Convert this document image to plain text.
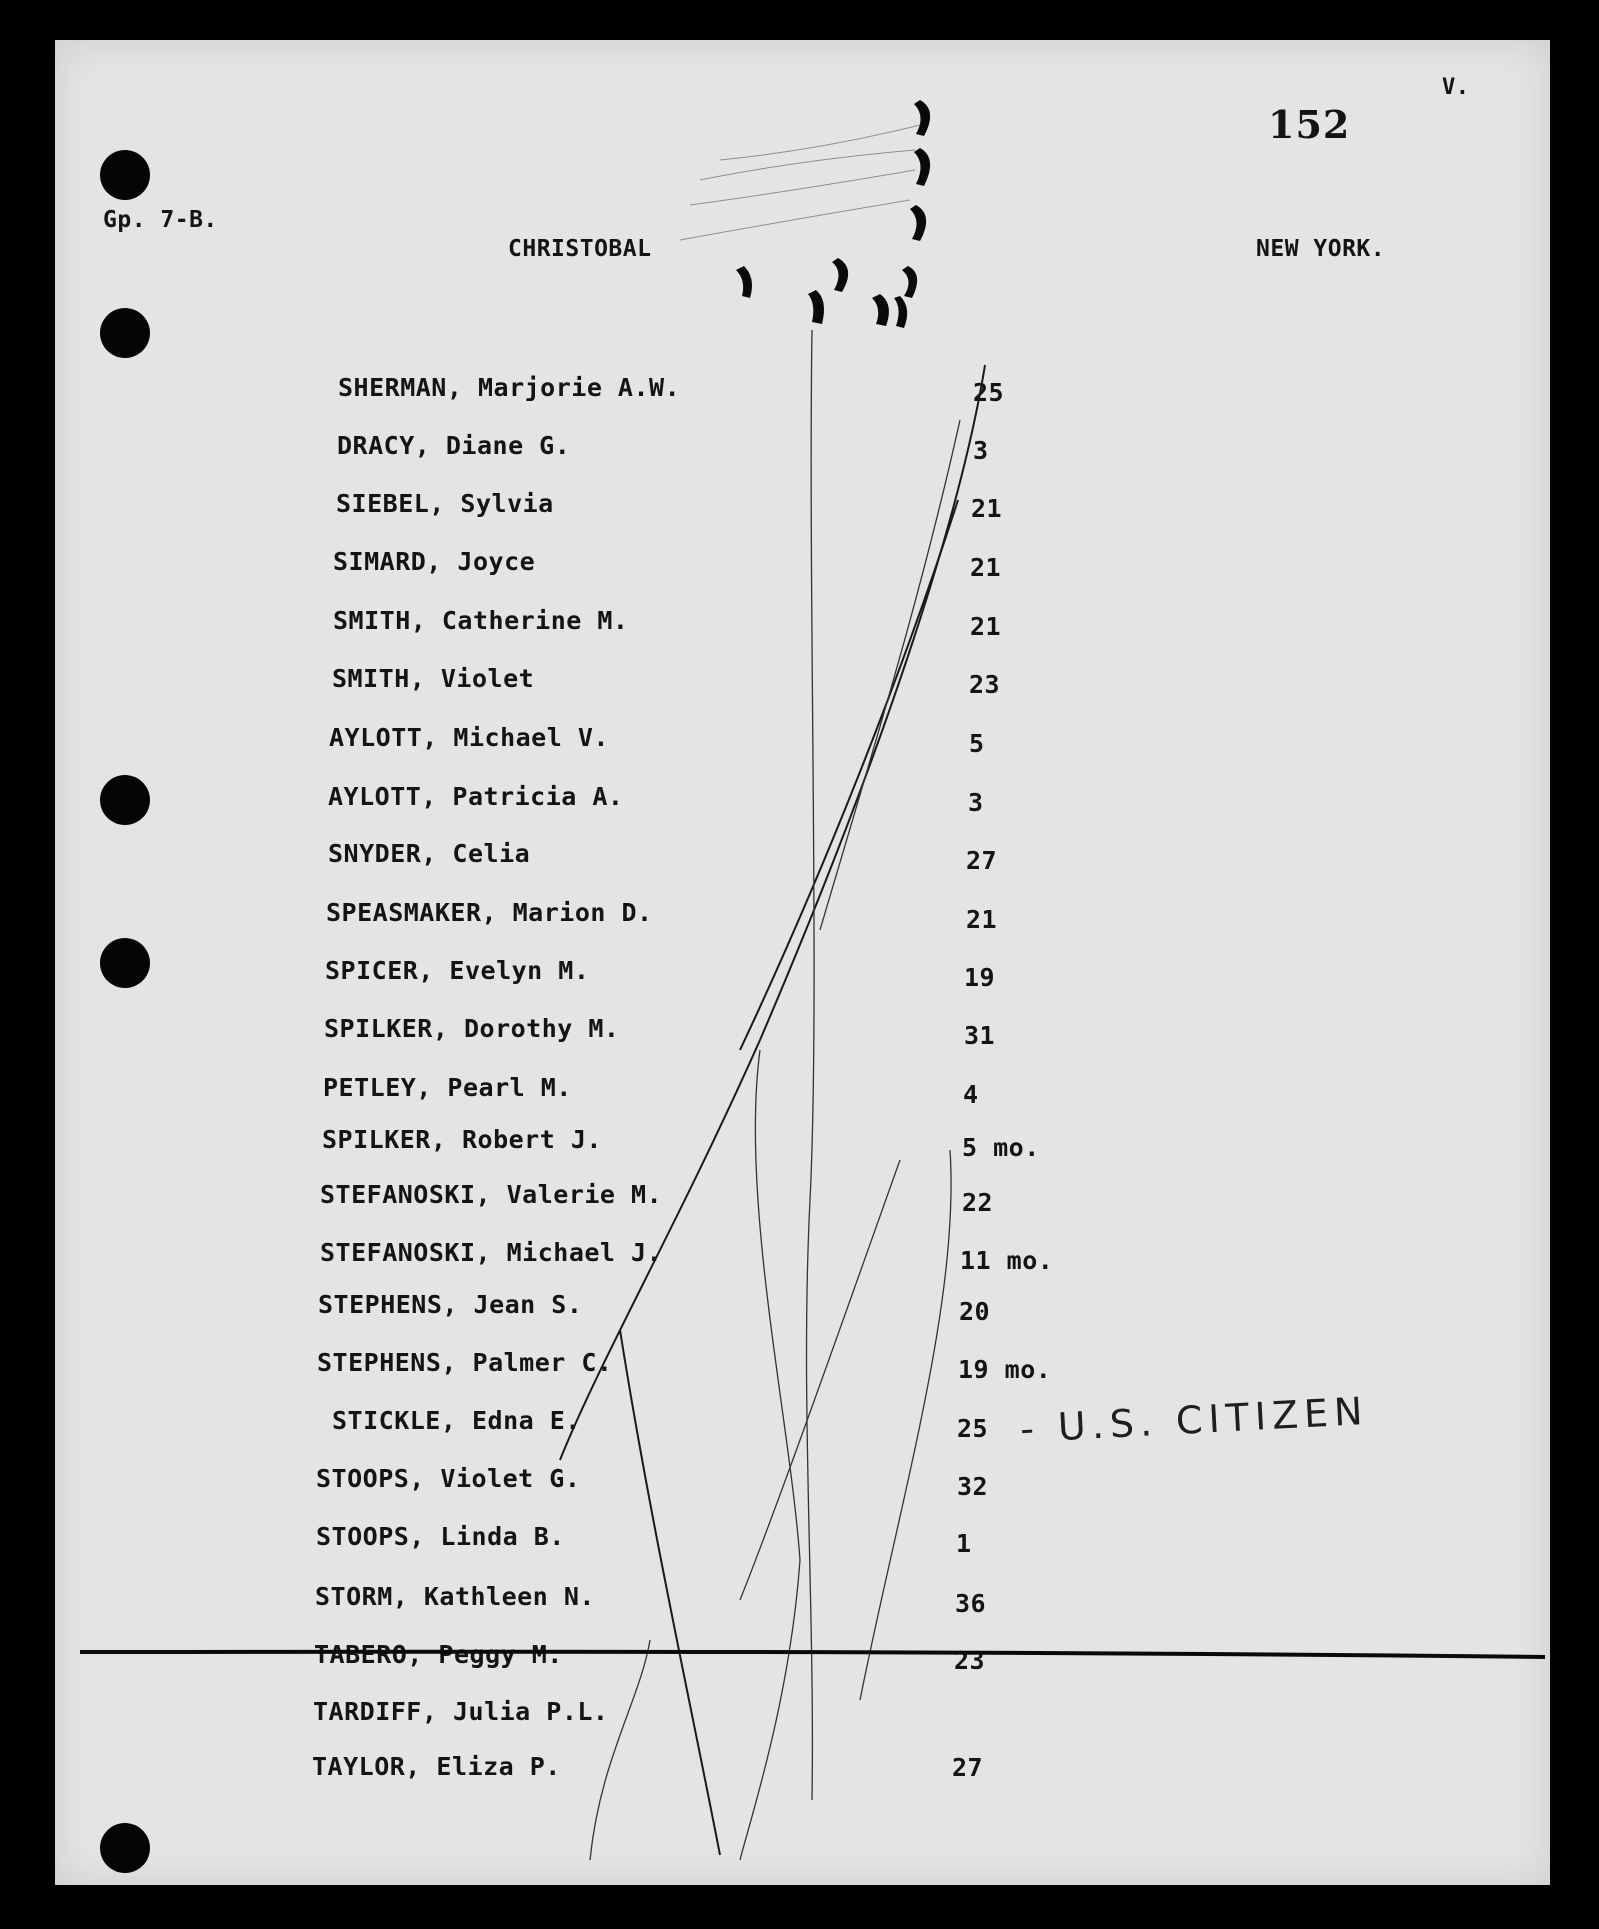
152
V.
Gp. 7-B.
CHRISTOBAL	NEW YORK.
SHERMAN, Marjorie A.W.	25
DRACY, Diane G.	3
SIEBEL, Sylvia	21
SIMARD, Joyce	21
SMITH, Catherine M.	21
SMITH, Violet	23
AYLOTT, Michael V.	5
AYLOTT, Patricia A.	3
SNYDER, Celia	27
SPEASMAKER, Marion D.	21
SPICER, Evelyn M.	19
SPILKER, Dorothy M.	31
PETLEY, Pearl M.	4
SPILKER, Robert J.	5 mo.
STEFANOSKI, Valerie M.	22
STEFANOSKI, Michael J.	11 mo.
STEPHENS, Jean S.	20
STEPHENS, Palmer C.	19 mo.
STICKLE, Edna E.	25
STOOPS, Violet G.	32
STOOPS, Linda B.	1
STORM, Kathleen N.	36
TABERO, Peggy M.	23
TARDIFF, Julia P.L.
TAYLOR, Eliza P.	27
- U.S. CITIZEN
